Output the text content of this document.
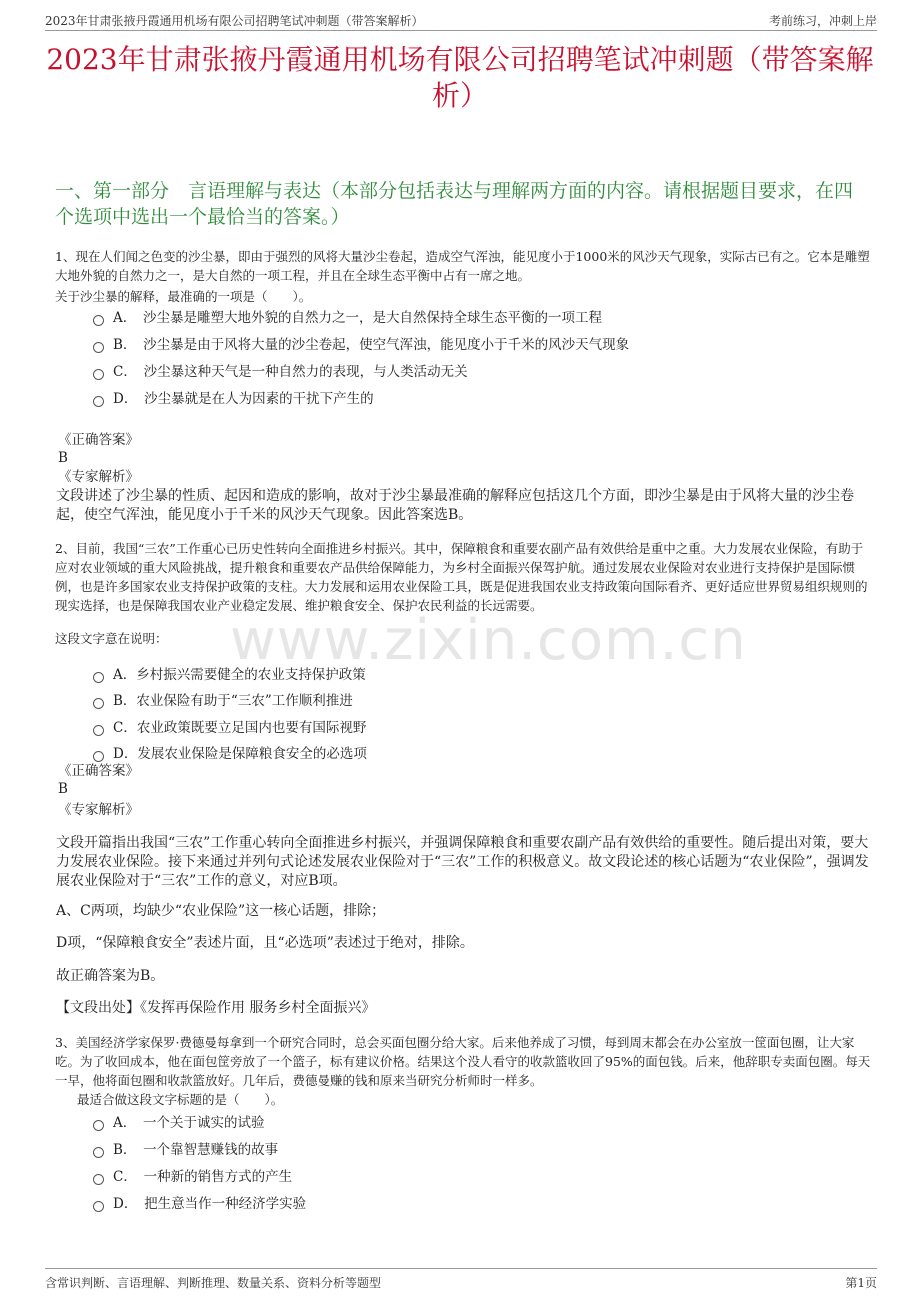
2023年甘肃张掖丹霞通用机场有限公司招聘笔试冲刺题（带答案解析）	考前练习，冲刺上岸
2023年甘肃张掖丹霞通用机场有限公司招聘笔试冲刺题（带答案解析）
一、第一部分　言语理解与表达（本部分包括表达与理解两方面的内容。请根据题目要求，在四个选项中选出一个最恰当的答案。）
1、现在人们闻之色变的沙尘暴，即由于强烈的风将大量沙尘卷起，造成空气浑浊，能见度小于1000米的风沙天气现象，实际古已有之。它本是雕塑大地外貌的自然力之一，是大自然的一项工程，并且在全球生态平衡中占有一席之地。
关于沙尘暴的解释，最准确的一项是（　　）。
A．　沙尘暴是雕塑大地外貌的自然力之一，是大自然保持全球生态平衡的一项工程
B．　沙尘暴是由于风将大量的沙尘卷起，使空气浑浊，能见度小于千米的风沙天气现象
C．　沙尘暴这种天气是一种自然力的表现，与人类活动无关
D．　沙尘暴就是在人为因素的干扰下产生的
《正确答案》
B
《专家解析》
文段讲述了沙尘暴的性质、起因和造成的影响，故对于沙尘暴最准确的解释应包括这几个方面，即沙尘暴是由于风将大量的沙尘卷起，使空气浑浊，能见度小于千米的风沙天气现象。因此答案选B。
2、目前，我国“三农”工作重心已历史性转向全面推进乡村振兴。其中，保障粮食和重要农副产品有效供给是重中之重。大力发展农业保险，有助于应对农业领域的重大风险挑战，提升粮食和重要农产品供给保障能力，为乡村全面振兴保驾护航。通过发展农业保险对农业进行支持保护是国际惯例，也是许多国家农业支持保护政策的支柱。大力发展和运用农业保险工具，既是促进我国农业支持政策向国际看齐、更好适应世界贸易组织规则的现实选择，也是保障我国农业产业稳定发展、维护粮食安全、保护农民利益的长远需要。
这段文字意在说明：	www.zixin.com.cn
A．乡村振兴需要健全的农业支持保护政策
B．农业保险有助于“三农”工作顺利推进
C．农业政策既要立足国内也要有国际视野
D．发展农业保险是保障粮食安全的必选项
《正确答案》
B
《专家解析》
文段开篇指出我国“三农”工作重心转向全面推进乡村振兴，并强调保障粮食和重要农副产品有效供给的重要性。随后提出对策，要大力发展农业保险。接下来通过并列句式论述发展农业保险对于“三农”工作的积极意义。故文段论述的核心话题为“农业保险”，强调发展农业保险对于“三农”工作的意义，对应B项。
A、C两项，均缺少“农业保险”这一核心话题，排除；
D项，“保障粮食安全”表述片面，且“必选项”表述过于绝对，排除。
故正确答案为B。
【文段出处】《发挥再保险作用 服务乡村全面振兴》
3、美国经济学家保罗·费德曼每拿到一个研究合同时，总会买面包圈分给大家。后来他养成了习惯，每到周末都会在办公室放一筐面包圈，让大家吃。为了收回成本，他在面包筐旁放了一个篮子，标有建议价格。结果这个没人看守的收款篮收回了95%的面包钱。后来，他辞职专卖面包圈。每天一早，他将面包圈和收款篮放好。几年后，费德曼赚的钱和原来当研究分析师时一样多。
最适合做这段文字标题的是（　　）。
A．　一个关于诚实的试验
B．　一个靠智慧赚钱的故事
C．　一种新的销售方式的产生
D．　把生意当作一种经济学实验
含常识判断、言语理解、判断推理、数量关系、资料分析等题型	第1页
